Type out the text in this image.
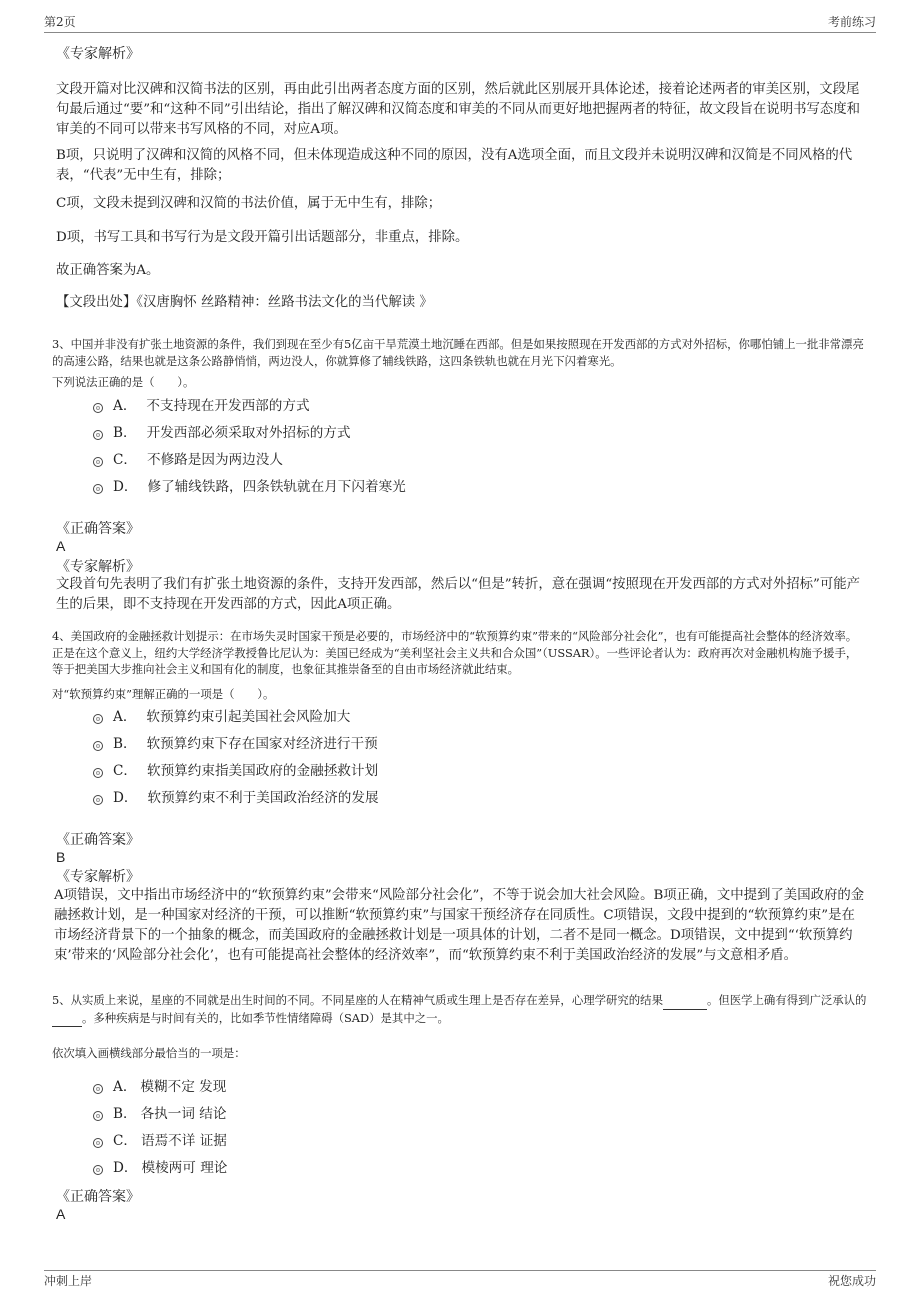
第2页	考前练习
《专家解析》
文段开篇对比汉碑和汉简书法的区别，再由此引出两者态度方面的区别，然后就此区别展开具体论述，接着论述两者的审美区别，文段尾句最后通过“要”和“这种不同”引出结论，指出了解汉碑和汉简态度和审美的不同从而更好地把握两者的特征，故文段旨在说明书写态度和审美的不同可以带来书写风格的不同，对应A项。
B项，只说明了汉碑和汉简的风格不同，但未体现造成这种不同的原因，没有A选项全面，而且文段并未说明汉碑和汉简是不同风格的代表，“代表”无中生有，排除；
C项，文段未提到汉碑和汉简的书法价值，属于无中生有，排除；
D项，书写工具和书写行为是文段开篇引出话题部分，非重点，排除。
故正确答案为A。
【文段出处】《汉唐胸怀 丝路精神：丝路书法文化的当代解读 》
3、中国并非没有扩张土地资源的条件，我们到现在至少有5亿亩干旱荒漠土地沉睡在西部。但是如果按照现在开发西部的方式对外招标，你哪怕铺上一批非常漂亮的高速公路，结果也就是这条公路静悄悄，两边没人，你就算修了辅线铁路，这四条铁轨也就在月光下闪着寒光。
下列说法正确的是（　　）。
A． 不支持现在开发西部的方式
B． 开发西部必须采取对外招标的方式
C． 不修路是因为两边没人
D． 修了辅线铁路，四条铁轨就在月下闪着寒光
《正确答案》
A
《专家解析》
文段首句先表明了我们有扩张土地资源的条件，支持开发西部，然后以“但是”转折，意在强调“按照现在开发西部的方式对外招标”可能产生的后果，即不支持现在开发西部的方式，因此A项正确。
4、美国政府的金融拯救计划提示：在市场失灵时国家干预是必要的，市场经济中的“软预算约束”带来的“风险部分社会化”，也有可能提高社会整体的经济效率。正是在这个意义上，纽约大学经济学教授鲁比尼认为：美国已经成为“美利坚社会主义共和合众国”（USSAR）。一些评论者认为：政府再次对金融机构施予援手，等于把美国大步推向社会主义和国有化的制度，也象征其推崇备至的自由市场经济就此结束。
对“软预算约束”理解正确的一项是（　　）。
A． 软预算约束引起美国社会风险加大
B． 软预算约束下存在国家对经济进行干预
C． 软预算约束指美国政府的金融拯救计划
D． 软预算约束不利于美国政治经济的发展
《正确答案》
B
《专家解析》
A项错误，文中指出市场经济中的“软预算约束”会带来“风险部分社会化”，不等于说会加大社会风险。B项正确，文中提到了美国政府的金融拯救计划，是一种国家对经济的干预，可以推断“软预算约束”与国家干预经济存在同质性。C项错误，文段中提到的“软预算约束”是在市场经济背景下的一个抽象的概念，而美国政府的金融拯救计划是一项具体的计划，二者不是同一概念。D项错误，文中提到“‘软预算约束’带来的‘风险部分社会化’，也有可能提高社会整体的经济效率”，而“软预算约束不利于美国政治经济的发展”与文意相矛盾。
5、从实质上来说，星座的不同就是出生时间的不同。不同星座的人在精神气质或生理上是否存在差异，心理学研究的结果	。但医学上确有得到广泛承认的。多种疾病是与时间有关的，比如季节性情绪障碍（SAD）是其中之一。
依次填入画横线部分最恰当的一项是：
A． 模糊不定 发现
B． 各执一词 结论
C． 语焉不详 证据
D． 模棱两可 理论
《正确答案》
A
冲刺上岸	祝您成功
